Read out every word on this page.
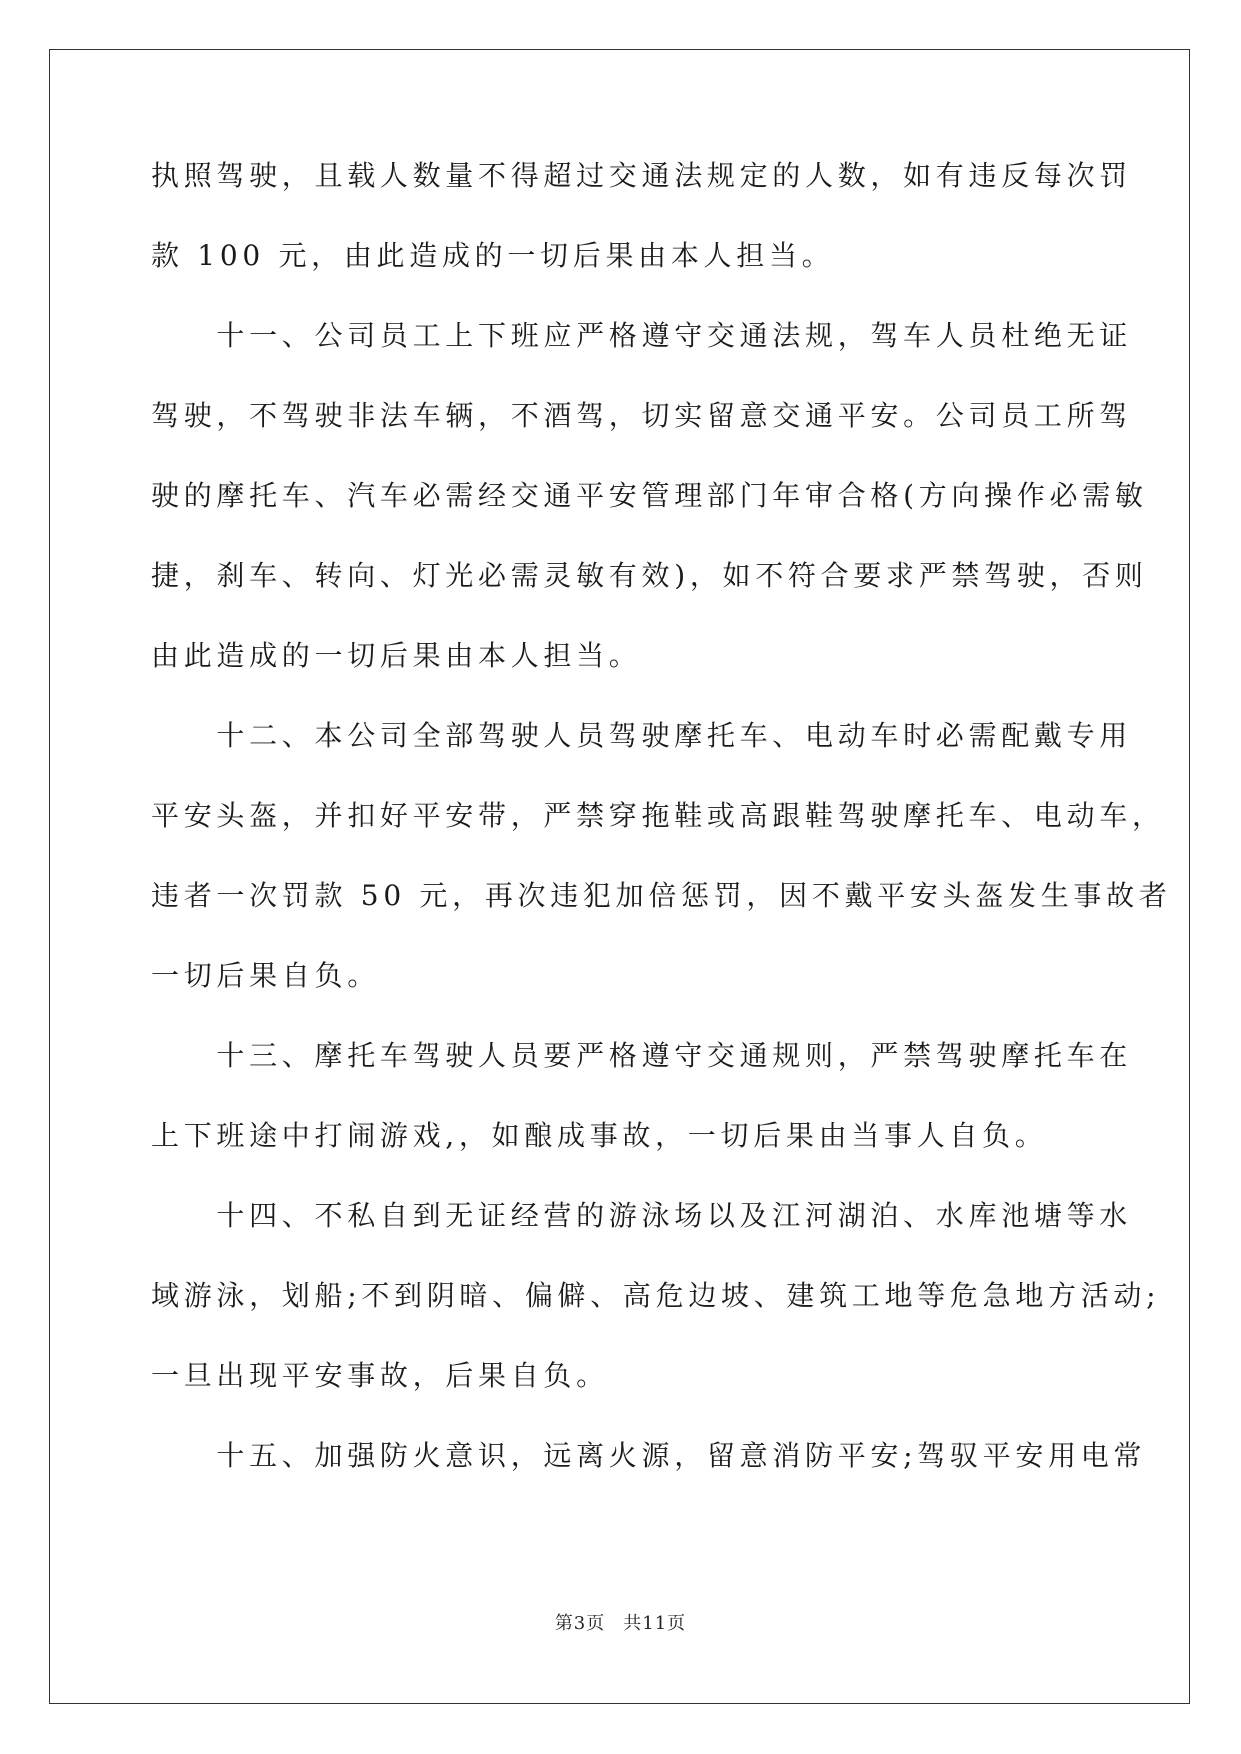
执照驾驶，且载人数量不得超过交通法规定的人数，如有违反每次罚
款 100 元，由此造成的一切后果由本人担当。
　　十一、公司员工上下班应严格遵守交通法规，驾车人员杜绝无证
驾驶，不驾驶非法车辆，不酒驾，切实留意交通平安。公司员工所驾
驶的摩托车、汽车必需经交通平安管理部门年审合格(方向操作必需敏
捷，刹车、转向、灯光必需灵敏有效)，如不符合要求严禁驾驶，否则
由此造成的一切后果由本人担当。
　　十二、本公司全部驾驶人员驾驶摩托车、电动车时必需配戴专用
平安头盔，并扣好平安带，严禁穿拖鞋或高跟鞋驾驶摩托车、电动车，
违者一次罚款 50 元，再次违犯加倍惩罚，因不戴平安头盔发生事故者
一切后果自负。
　　十三、摩托车驾驶人员要严格遵守交通规则，严禁驾驶摩托车在
上下班途中打闹游戏,，如酿成事故，一切后果由当事人自负。
　　十四、不私自到无证经营的游泳场以及江河湖泊、水库池塘等水
域游泳，划船;不到阴暗、偏僻、高危边坡、建筑工地等危急地方活动;
一旦出现平安事故，后果自负。
　　十五、加强防火意识，远离火源，留意消防平安;驾驭平安用电常
第3页 共11页
